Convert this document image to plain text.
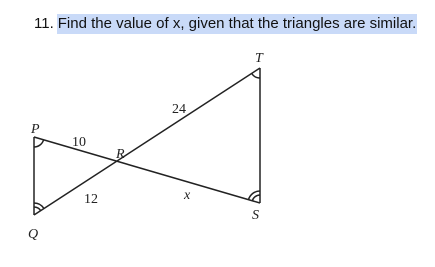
11. Find the value of x, given that the triangles are similar.
P
Q
R
S
T
10
12
24
x
